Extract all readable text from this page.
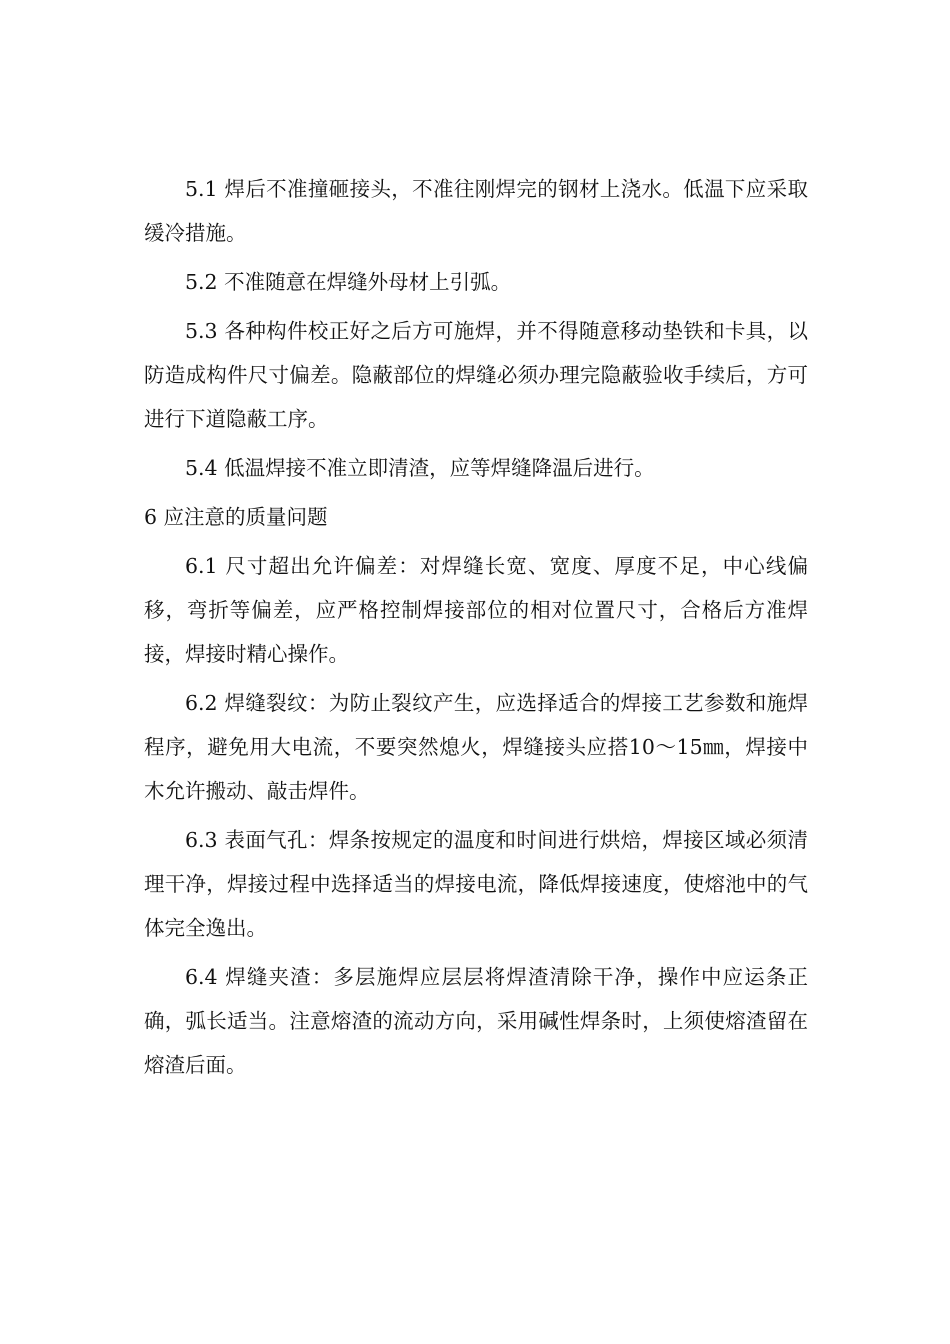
5.1 焊后不准撞砸接头，不准往刚焊完的钢材上浇水。低温下应采取缓冷措施。

5.2 不准随意在焊缝外母材上引弧。

5.3 各种构件校正好之后方可施焊，并不得随意移动垫铁和卡具，以防造成构件尺寸偏差。隐蔽部位的焊缝必须办理完隐蔽验收手续后，方可进行下道隐蔽工序。

5.4 低温焊接不准立即清渣，应等焊缝降温后进行。

6 应注意的质量问题

6.1 尺寸超出允许偏差：对焊缝长宽、宽度、厚度不足，中心线偏移，弯折等偏差，应严格控制焊接部位的相对位置尺寸，合格后方准焊接，焊接时精心操作。

6.2 焊缝裂纹：为防止裂纹产生，应选择适合的焊接工艺参数和施焊程序，避免用大电流，不要突然熄火，焊缝接头应搭10～15㎜，焊接中木允许搬动、敲击焊件。

6.3 表面气孔：焊条按规定的温度和时间进行烘焙，焊接区域必须清理干净，焊接过程中选择适当的焊接电流，降低焊接速度，使熔池中的气体完全逸出。

6.4 焊缝夹渣：多层施焊应层层将焊渣清除干净，操作中应运条正确，弧长适当。注意熔渣的流动方向，采用碱性焊条时，上须使熔渣留在熔渣后面。
